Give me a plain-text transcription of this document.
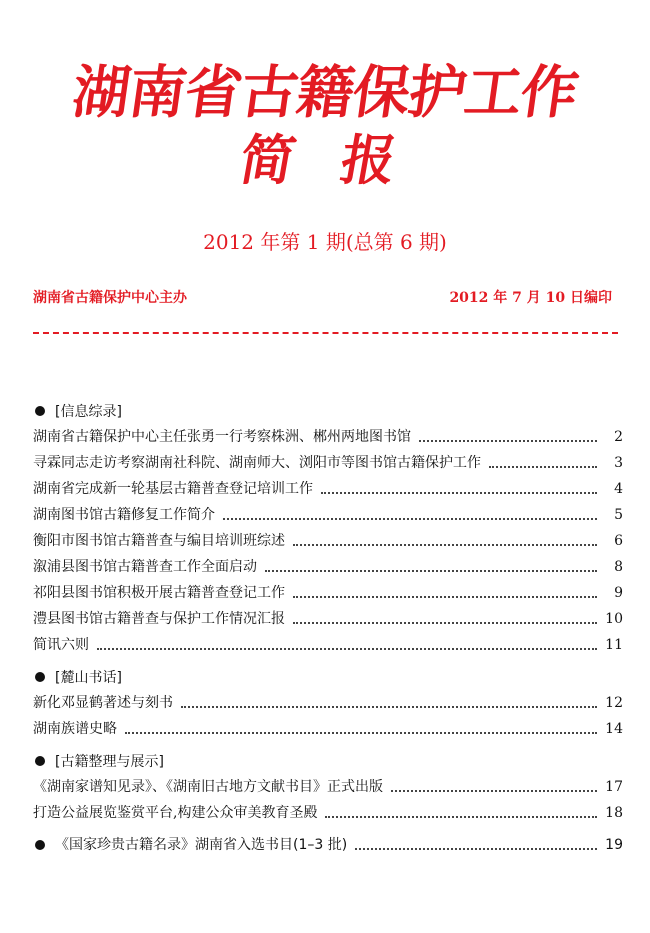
湖南省古籍保护工作
简 报
2012 年第 1 期(总第 6 期)
湖南省古籍保护中心主办	2012 年 7 月 10 日编印
[信息综录]
湖南省古籍保护中心主任张勇一行考察株洲、郴州两地图书馆	2
寻霖同志走访考察湖南社科院、湖南师大、浏阳市等图书馆古籍保护工作	3
湖南省完成新一轮基层古籍普查登记培训工作	4
湖南图书馆古籍修复工作简介	5
衡阳市图书馆古籍普查与编目培训班综述	6
溆浦县图书馆古籍普查工作全面启动	8
祁阳县图书馆积极开展古籍普查登记工作	9
澧县图书馆古籍普查与保护工作情况汇报	10
简讯六则	11
[麓山书话]
新化邓显鹤著述与刻书	12
湖南族谱史略	14
[古籍整理与展示]
《湖南家谱知见录》、《湖南旧古地方文献书目》正式出版	17
打造公益展览鉴赏平台,构建公众审美教育圣殿	18
《国家珍贵古籍名录》湖南省入选书目(1–3 批)	19
